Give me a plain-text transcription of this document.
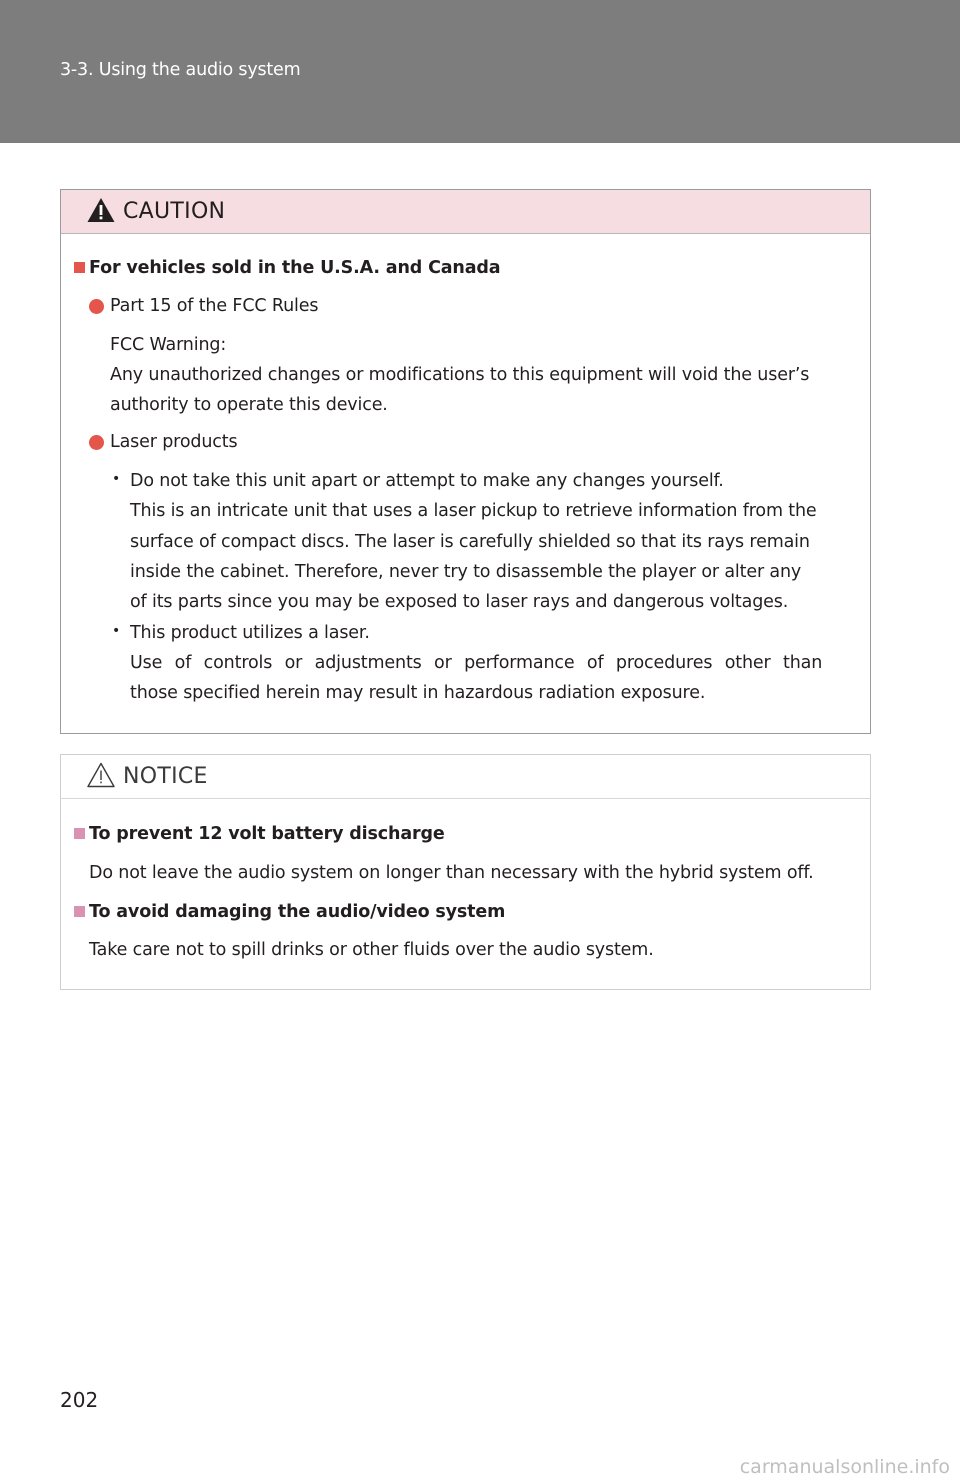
3-3. Using the audio system
CAUTION
For vehicles sold in the U.S.A. and Canada
Part 15 of the FCC Rules
FCC Warning:
Any unauthorized changes or modifications to this equipment will void the user’s
authority to operate this device.
Laser products
• Do not take this unit apart or attempt to make any changes yourself.
This is an intricate unit that uses a laser pickup to retrieve information from the
surface of compact discs. The laser is carefully shielded so that its rays remain
inside the cabinet. Therefore, never try to disassemble the player or alter any
of its parts since you may be exposed to laser rays and dangerous voltages.
• This product utilizes a laser.
Use of controls or adjustments or performance of procedures other than
those specified herein may result in hazardous radiation exposure.
NOTICE
To prevent 12 volt battery discharge
Do not leave the audio system on longer than necessary with the hybrid system off.
To avoid damaging the audio/video system
Take care not to spill drinks or other fluids over the audio system.
202
carmanualsonline.info
